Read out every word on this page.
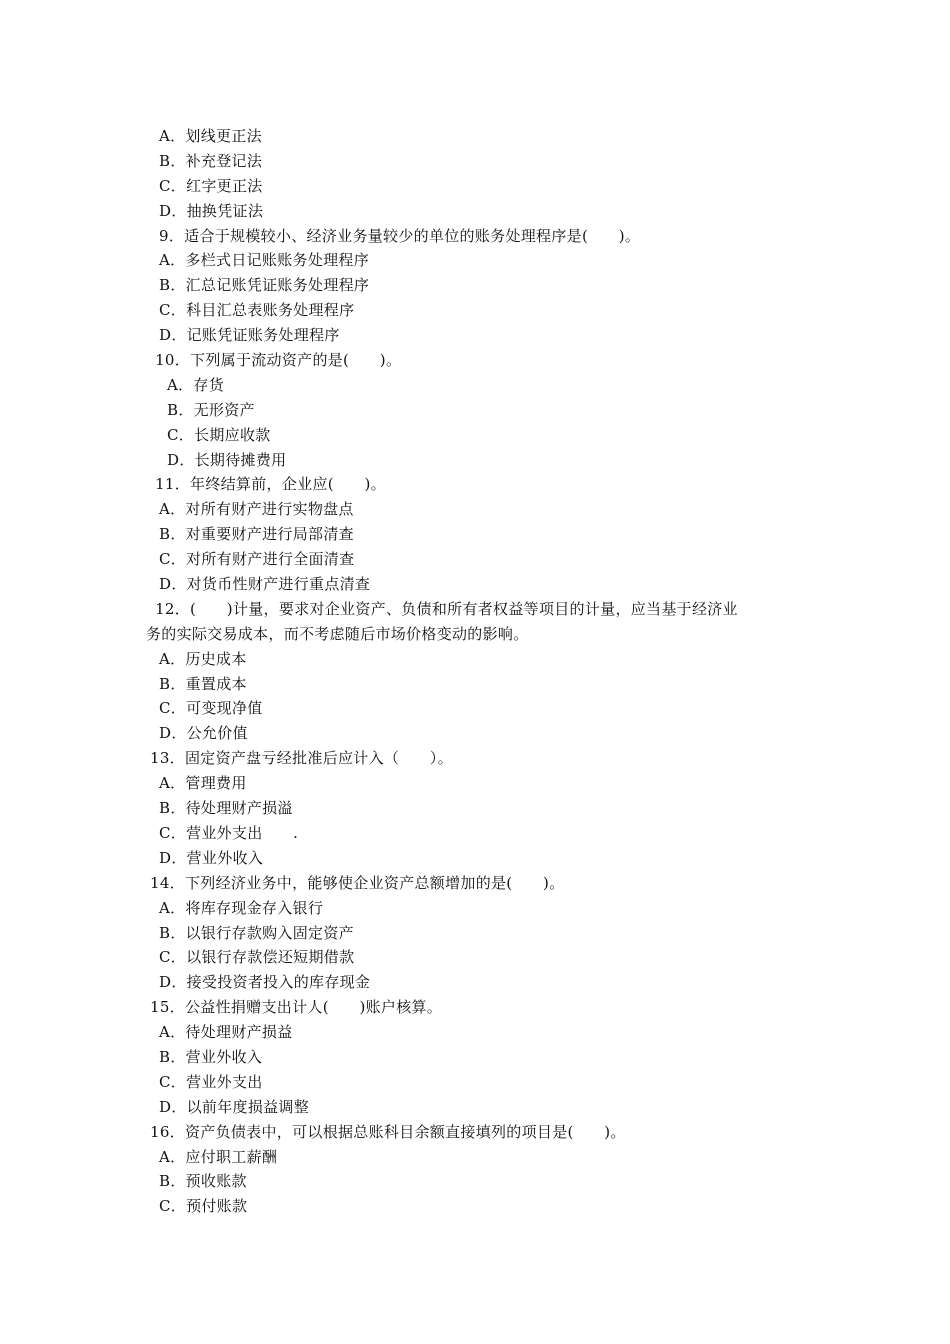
A．划线更正法
B．补充登记法
C．红字更正法
D．抽换凭证法
9．适合于规模较小、经济业务量较少的单位的账务处理程序是(　　)。
A．多栏式日记账账务处理程序
B．汇总记账凭证账务处理程序
C．科目汇总表账务处理程序
D．记账凭证账务处理程序
10．下列属于流动资产的是(　　)。
A．存货
B．无形资产
C．长期应收款
D．长期待摊费用
11．年终结算前，企业应(　　)。
A．对所有财产进行实物盘点
B．对重要财产进行局部清查
C．对所有财产进行全面清查
D．对货币性财产进行重点清查
12．(　　)计量，要求对企业资产、负债和所有者权益等项目的计量，应当基于经济业
务的实际交易成本，而不考虑随后市场价格变动的影响。
A．历史成本
B．重置成本
C．可变现净值
D．公允价值
13．固定资产盘亏经批准后应计入（　　）。
A．管理费用
B．待处理财产损溢
C．营业外支出　　.
D．营业外收入
14．下列经济业务中，能够使企业资产总额增加的是(　　)。
A．将库存现金存入银行
B．以银行存款购入固定资产
C．以银行存款偿还短期借款
D．接受投资者投入的库存现金
15．公益性捐赠支出计人(　　)账户核算。
A．待处理财产损益
B．营业外收入
C．营业外支出
D．以前年度损益调整
16．资产负债表中，可以根据总账科目余额直接填列的项目是(　　)。
A．应付职工薪酬
B．预收账款
C．预付账款
